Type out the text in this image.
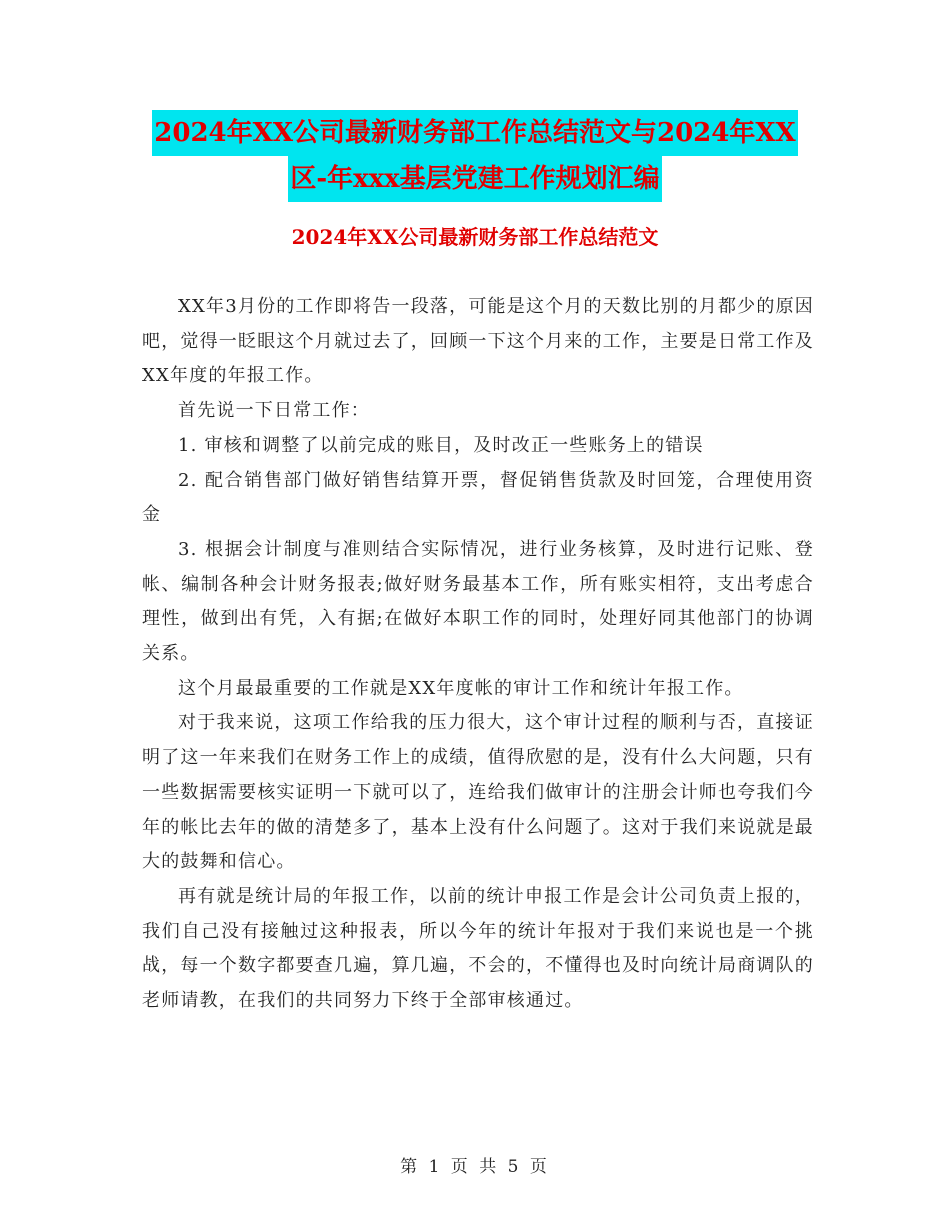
2024年XX公司最新财务部工作总结范文与2024年XX
区-年xxx基层党建工作规划汇编
2024年XX公司最新财务部工作总结范文

XX年3月份的工作即将告一段落，可能是这个月的天数比别的月都少的原因吧，觉得一眨眼这个月就过去了，回顾一下这个月来的工作，主要是日常工作及XX年度的年报工作。

首先说一下日常工作：

1. 审核和调整了以前完成的账目，及时改正一些账务上的错误

2. 配合销售部门做好销售结算开票，督促销售货款及时回笼，合理使用资金

3. 根据会计制度与准则结合实际情况，进行业务核算，及时进行记账、登帐、编制各种会计财务报表;做好财务最基本工作，所有账实相符，支出考虑合理性，做到出有凭，入有据;在做好本职工作的同时，处理好同其他部门的协调关系。

这个月最最重要的工作就是XX年度帐的审计工作和统计年报工作。

对于我来说，这项工作给我的压力很大，这个审计过程的顺利与否，直接证明了这一年来我们在财务工作上的成绩，值得欣慰的是，没有什么大问题，只有一些数据需要核实证明一下就可以了，连给我们做审计的注册会计师也夸我们今年的帐比去年的做的清楚多了，基本上没有什么问题了。这对于我们来说就是最大的鼓舞和信心。

再有就是统计局的年报工作，以前的统计申报工作是会计公司负责上报的，我们自己没有接触过这种报表，所以今年的统计年报对于我们来说也是一个挑战，每一个数字都要查几遍，算几遍，不会的，不懂得也及时向统计局商调队的老师请教，在我们的共同努力下终于全部审核通过。

第 1 页 共 5 页
